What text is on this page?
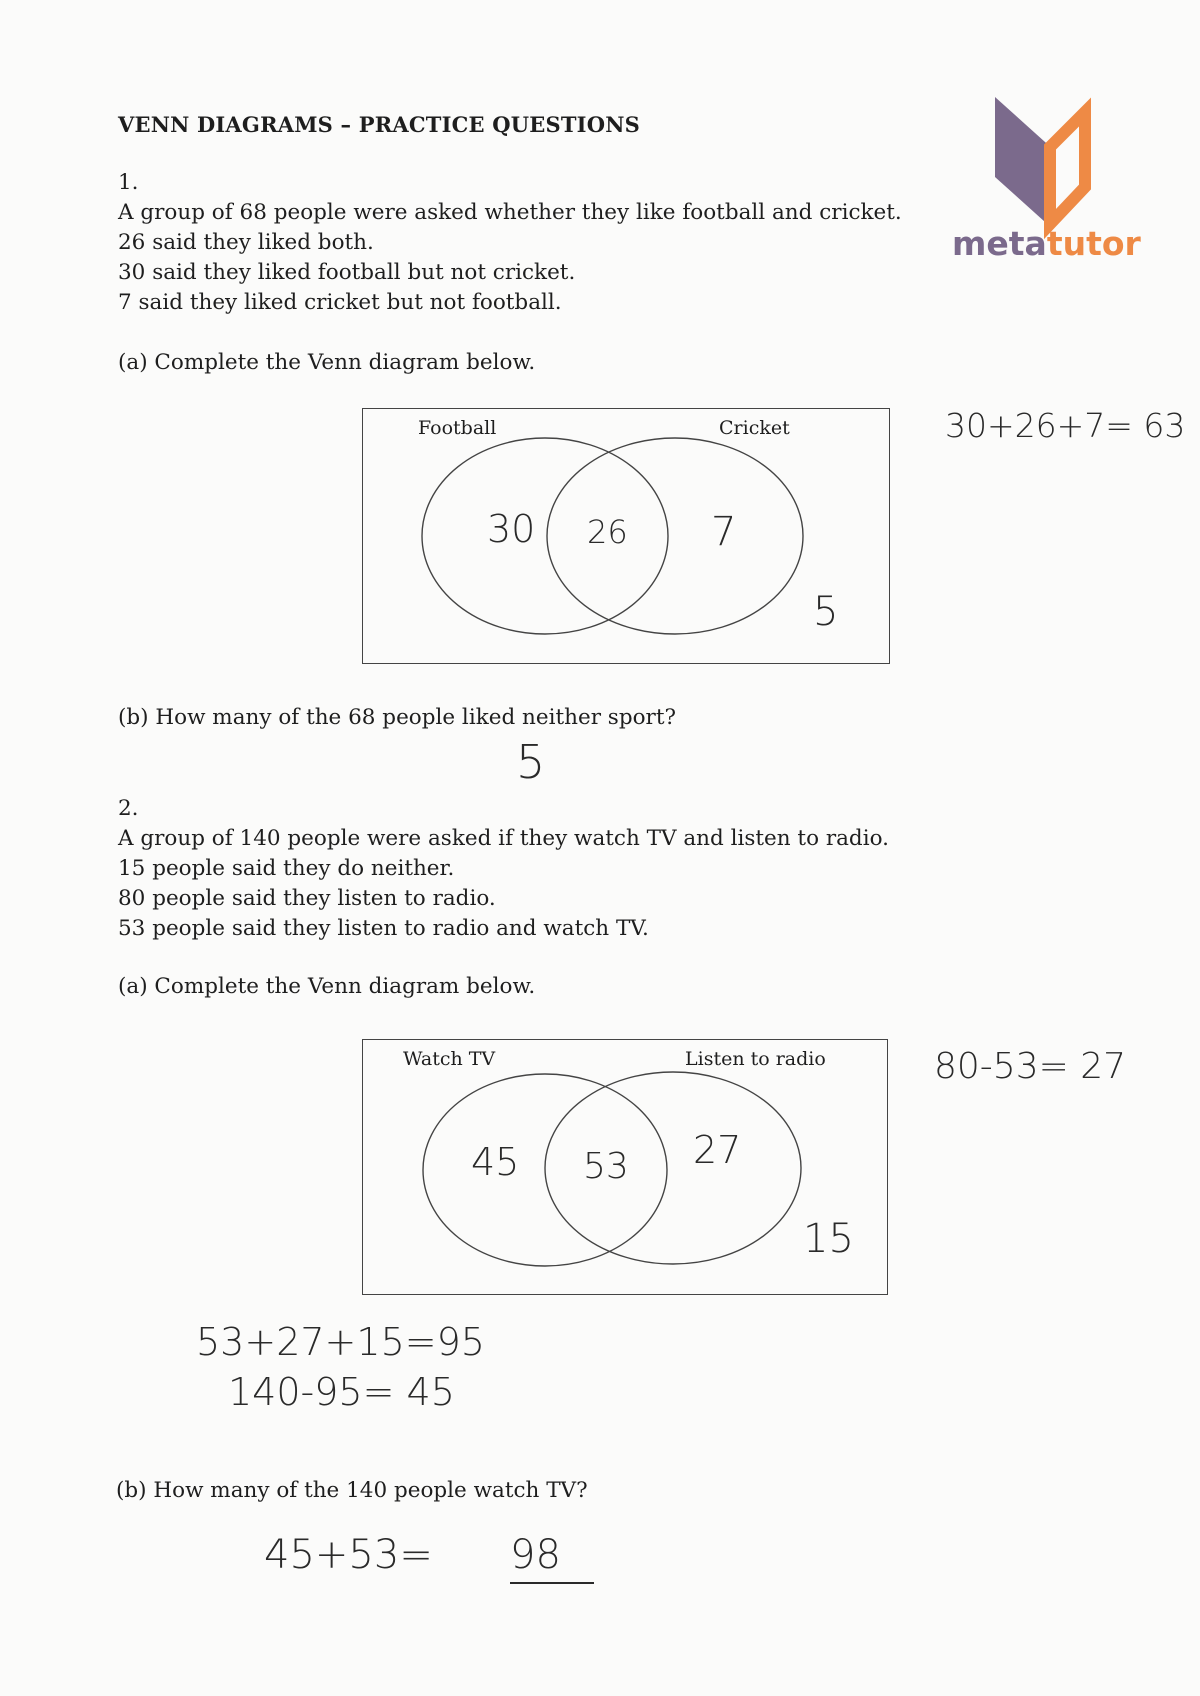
VENN DIAGRAMS – PRACTICE QUESTIONS
metatutor
1.
A group of 68 people were asked whether they like football and cricket.
26 said they liked both.
30 said they liked football but not cricket.
7 said they liked cricket but not football.
(a) Complete the Venn diagram below.
Football	Cricket
30 26 7
5
30+26+7= 63
(b) How many of the 68 people liked neither sport?
5
2.
A group of 140 people were asked if they watch TV and listen to radio.
15 people said they do neither.
80 people said they listen to radio.
53 people said they listen to radio and watch TV.
(a) Complete the Venn diagram below.
Watch TV	Listen to radio
45 53 27
15
80-53= 27
53+27+15=95
140-95= 45
(b) How many of the 140 people watch TV?
45+53= 98
